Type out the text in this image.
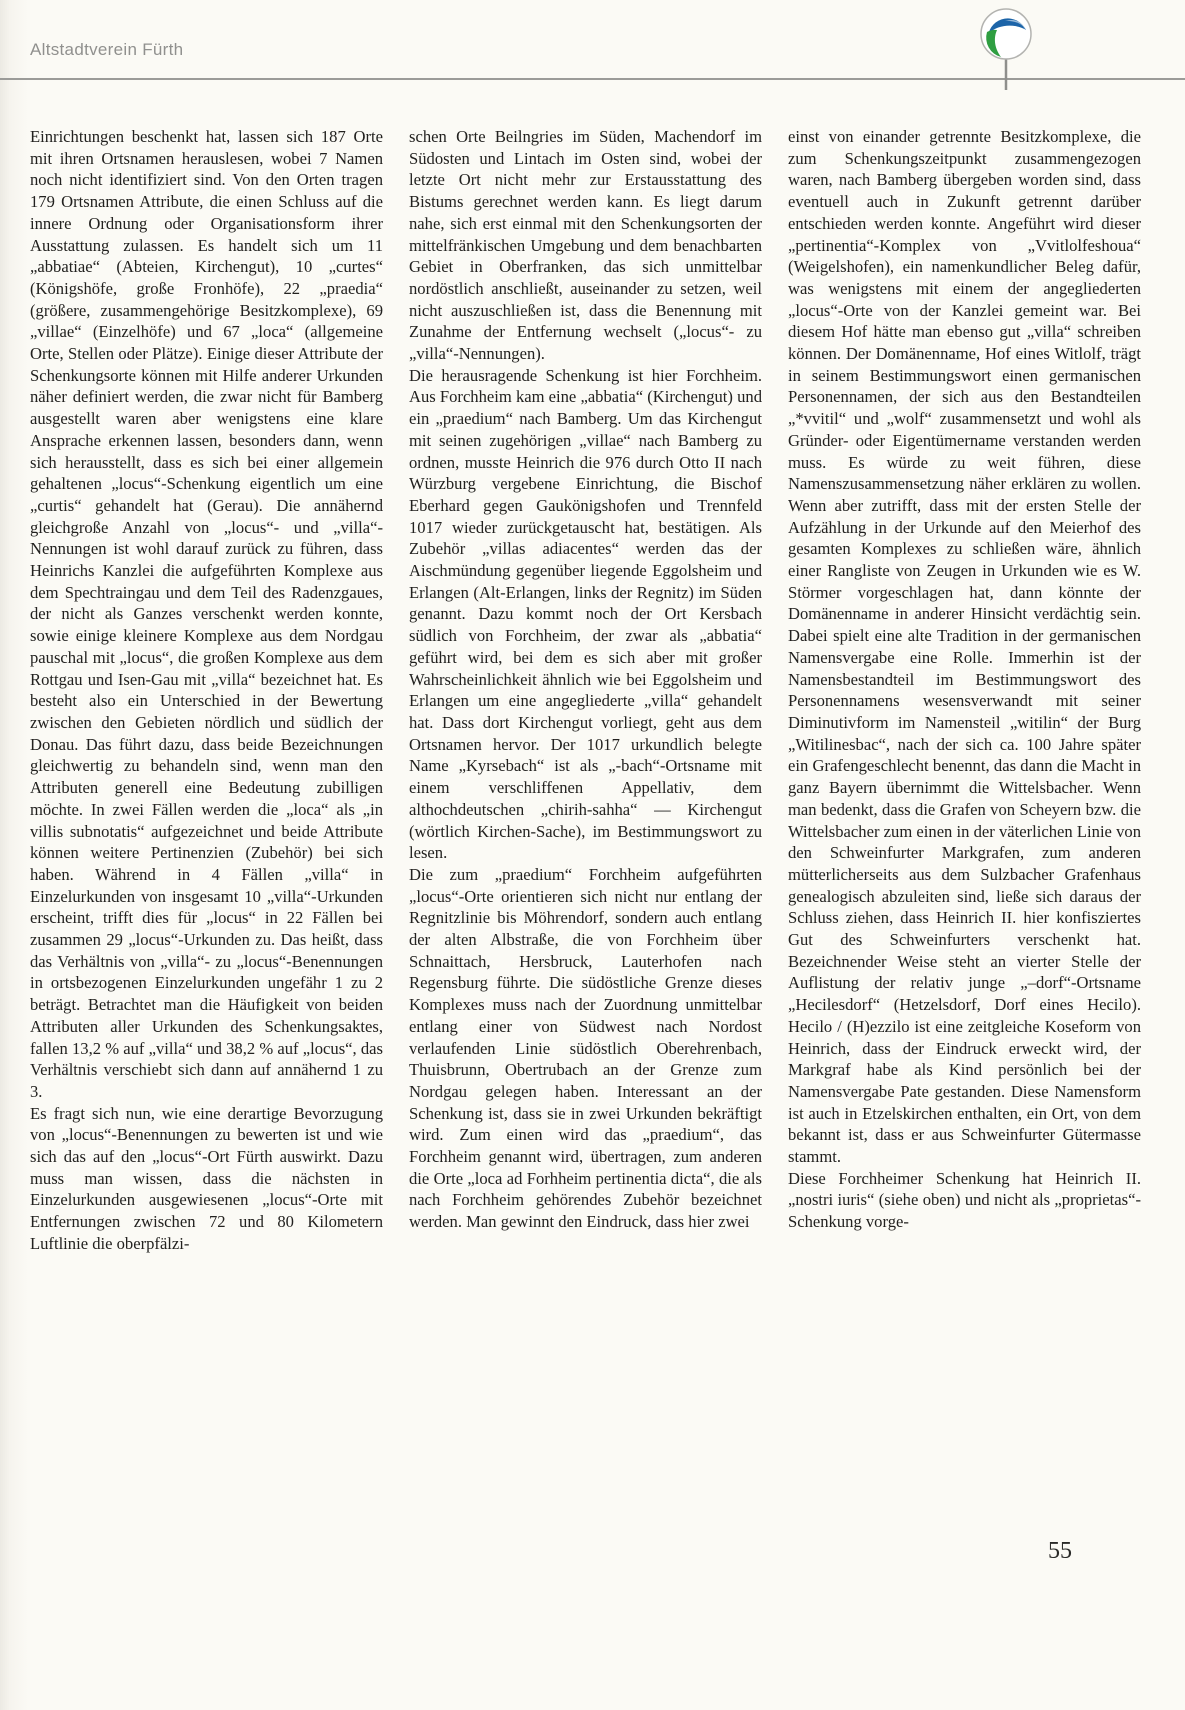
Altstadtverein Fürth

Einrichtungen beschenkt hat, lassen sich 187 Orte mit ihren Ortsnamen herauslesen, wobei 7 Namen noch nicht identifiziert sind. Von den Orten tragen 179 Ortsnamen Attribute, die einen Schluss auf die innere Ordnung oder Organisationsform ihrer Ausstattung zulassen. Es handelt sich um 11 „abbatiae“ (Abteien, Kirchengut), 10 „curtes“ (Königshöfe, große Fronhöfe), 22 „praedia“ (größere, zusammengehörige Besitzkomplexe), 69 „villae“ (Einzelhöfe) und 67 „loca“ (allgemeine Orte, Stellen oder Plätze). Einige dieser Attribute der Schenkungsorte können mit Hilfe anderer Urkunden näher definiert werden, die zwar nicht für Bamberg ausgestellt waren aber wenigstens eine klare Ansprache erkennen lassen, besonders dann, wenn sich herausstellt, dass es sich bei einer allgemein gehaltenen „locus“-Schenkung eigentlich um eine „curtis“ gehandelt hat (Gerau). Die annähernd gleichgroße Anzahl von „locus“- und „villa“-Nennungen ist wohl darauf zurück zu führen, dass Heinrichs Kanzlei die aufgeführten Komplexe aus dem Spechtraingau und dem Teil des Radenzgaues, der nicht als Ganzes verschenkt werden konnte, sowie einige kleinere Komplexe aus dem Nordgau pauschal mit „locus“, die großen Komplexe aus dem Rottgau und Isen-Gau mit „villa“ bezeichnet hat. Es besteht also ein Unterschied in der Bewertung zwischen den Gebieten nördlich und südlich der Donau. Das führt dazu, dass beide Bezeichnungen gleichwertig zu behandeln sind, wenn man den Attributen generell eine Bedeutung zubilligen möchte. In zwei Fällen werden die „loca“ als „in villis subnotatis“ aufgezeichnet und beide Attribute können weitere Pertinenzien (Zubehör) bei sich haben. Während in 4 Fällen „villa“ in Einzelurkunden von insgesamt 10 „villa“-Urkunden erscheint, trifft dies für „locus“ in 22 Fällen bei zusammen 29 „locus“-Urkunden zu. Das heißt, dass das Verhältnis von „villa“- zu „locus“-Benennungen in ortsbezogenen Einzelurkunden ungefähr 1 zu 2 beträgt. Betrachtet man die Häufigkeit von beiden Attributen aller Urkunden des Schenkungsaktes, fallen 13,2 % auf „villa“ und 38,2 % auf „locus“, das Verhältnis verschiebt sich dann auf annähernd 1 zu 3.

Es fragt sich nun, wie eine derartige Bevorzugung von „locus“-Benennungen zu bewerten ist und wie sich das auf den „locus“-Ort Fürth auswirkt. Dazu muss man wissen, dass die nächsten in Einzelurkunden ausgewiesenen „locus“-Orte mit Entfernungen zwischen 72 und 80 Kilometern Luftlinie die oberpfälzi-

schen Orte Beilngries im Süden, Machendorf im Südosten und Lintach im Osten sind, wobei der letzte Ort nicht mehr zur Erstausstattung des Bistums gerechnet werden kann. Es liegt darum nahe, sich erst einmal mit den Schenkungsorten der mittelfränkischen Umgebung und dem benachbarten Gebiet in Oberfranken, das sich unmittelbar nordöstlich anschließt, auseinander zu setzen, weil nicht auszuschließen ist, dass die Benennung mit Zunahme der Entfernung wechselt („locus“- zu „villa“-Nennungen).

Die herausragende Schenkung ist hier Forchheim. Aus Forchheim kam eine „abbatia“ (Kirchengut) und ein „praedium“ nach Bamberg. Um das Kirchengut mit seinen zugehörigen „villae“ nach Bamberg zu ordnen, musste Heinrich die 976 durch Otto II nach Würzburg vergebene Einrichtung, die Bischof Eberhard gegen Gaukönigshofen und Trennfeld 1017 wieder zurückgetauscht hat, bestätigen. Als Zubehör „villas adiacentes“ werden das der Aischmündung gegenüber liegende Eggolsheim und Erlangen (Alt-Erlangen, links der Regnitz) im Süden genannt. Dazu kommt noch der Ort Kersbach südlich von Forchheim, der zwar als „abbatia“ geführt wird, bei dem es sich aber mit großer Wahrscheinlichkeit ähnlich wie bei Eggolsheim und Erlangen um eine angegliederte „villa“ gehandelt hat. Dass dort Kirchengut vorliegt, geht aus dem Ortsnamen hervor. Der 1017 urkundlich belegte Name „Kyrsebach“ ist als „-bach“-Ortsname mit einem verschliffenen Appellativ, dem althochdeutschen „chirih-sahha“ — Kirchengut (wörtlich Kirchen-Sache), im Bestimmungswort zu lesen.

Die zum „praedium“ Forchheim aufgeführten „locus“-Orte orientieren sich nicht nur entlang der Regnitzlinie bis Möhrendorf, sondern auch entlang der alten Albstraße, die von Forchheim über Schnaittach, Hersbruck, Lauterhofen nach Regensburg führte. Die südöstliche Grenze dieses Komplexes muss nach der Zuordnung unmittelbar entlang einer von Südwest nach Nordost verlaufenden Linie südöstlich Oberehrenbach, Thuisbrunn, Obertrubach an der Grenze zum Nordgau gelegen haben. Interessant an der Schenkung ist, dass sie in zwei Urkunden bekräftigt wird. Zum einen wird das „praedium“, das Forchheim genannt wird, übertragen, zum anderen die Orte „loca ad Forhheim pertinentia dicta“, die als nach Forchheim gehörendes Zubehör bezeichnet werden. Man gewinnt den Eindruck, dass hier zwei

einst von einander getrennte Besitzkomplexe, die zum Schenkungszeitpunkt zusammengezogen waren, nach Bamberg übergeben worden sind, dass eventuell auch in Zukunft getrennt darüber entschieden werden konnte. Angeführt wird dieser „pertinentia“-Komplex von „Vvitlolfeshoua“ (Weigelshofen), ein namenkundlicher Beleg dafür, was wenigstens mit einem der angegliederten „locus“-Orte von der Kanzlei gemeint war. Bei diesem Hof hätte man ebenso gut „villa“ schreiben können. Der Domänenname, Hof eines Witlolf, trägt in seinem Bestimmungswort einen germanischen Personennamen, der sich aus den Bestandteilen „*vvitil“ und „wolf“ zusammensetzt und wohl als Gründer- oder Eigentümername verstanden werden muss. Es würde zu weit führen, diese Namenszusammensetzung näher erklären zu wollen. Wenn aber zutrifft, dass mit der ersten Stelle der Aufzählung in der Urkunde auf den Meierhof des gesamten Komplexes zu schließen wäre, ähnlich einer Rangliste von Zeugen in Urkunden wie es W. Störmer vorgeschlagen hat, dann könnte der Domänenname in anderer Hinsicht verdächtig sein. Dabei spielt eine alte Tradition in der germanischen Namensvergabe eine Rolle. Immerhin ist der Namensbestandteil im Bestimmungswort des Personennamens wesensverwandt mit seiner Diminutivform im Namensteil „witilin“ der Burg „Witilinesbac“, nach der sich ca. 100 Jahre später ein Grafengeschlecht benennt, das dann die Macht in ganz Bayern übernimmt die Wittelsbacher. Wenn man bedenkt, dass die Grafen von Scheyern bzw. die Wittelsbacher zum einen in der väterlichen Linie von den Schweinfurter Markgrafen, zum anderen mütterlicherseits aus dem Sulzbacher Grafenhaus genealogisch abzuleiten sind, ließe sich daraus der Schluss ziehen, dass Heinrich II. hier konfisziertes Gut des Schweinfurters verschenkt hat. Bezeichnender Weise steht an vierter Stelle der Auflistung der relativ junge „–dorf“-Ortsname „Hecilesdorf“ (Hetzelsdorf, Dorf eines Hecilo). Hecilo / (H)ezzilo ist eine zeitgleiche Koseform von Heinrich, dass der Eindruck erweckt wird, der Markgraf habe als Kind persönlich bei der Namensvergabe Pate gestanden. Diese Namensform ist auch in Etzelskirchen enthalten, ein Ort, von dem bekannt ist, dass er aus Schweinfurter Gütermasse stammt.

Diese Forchheimer Schenkung hat Heinrich II. „nostri iuris“ (siehe oben) und nicht als „proprietas“-Schenkung vorge-

55
